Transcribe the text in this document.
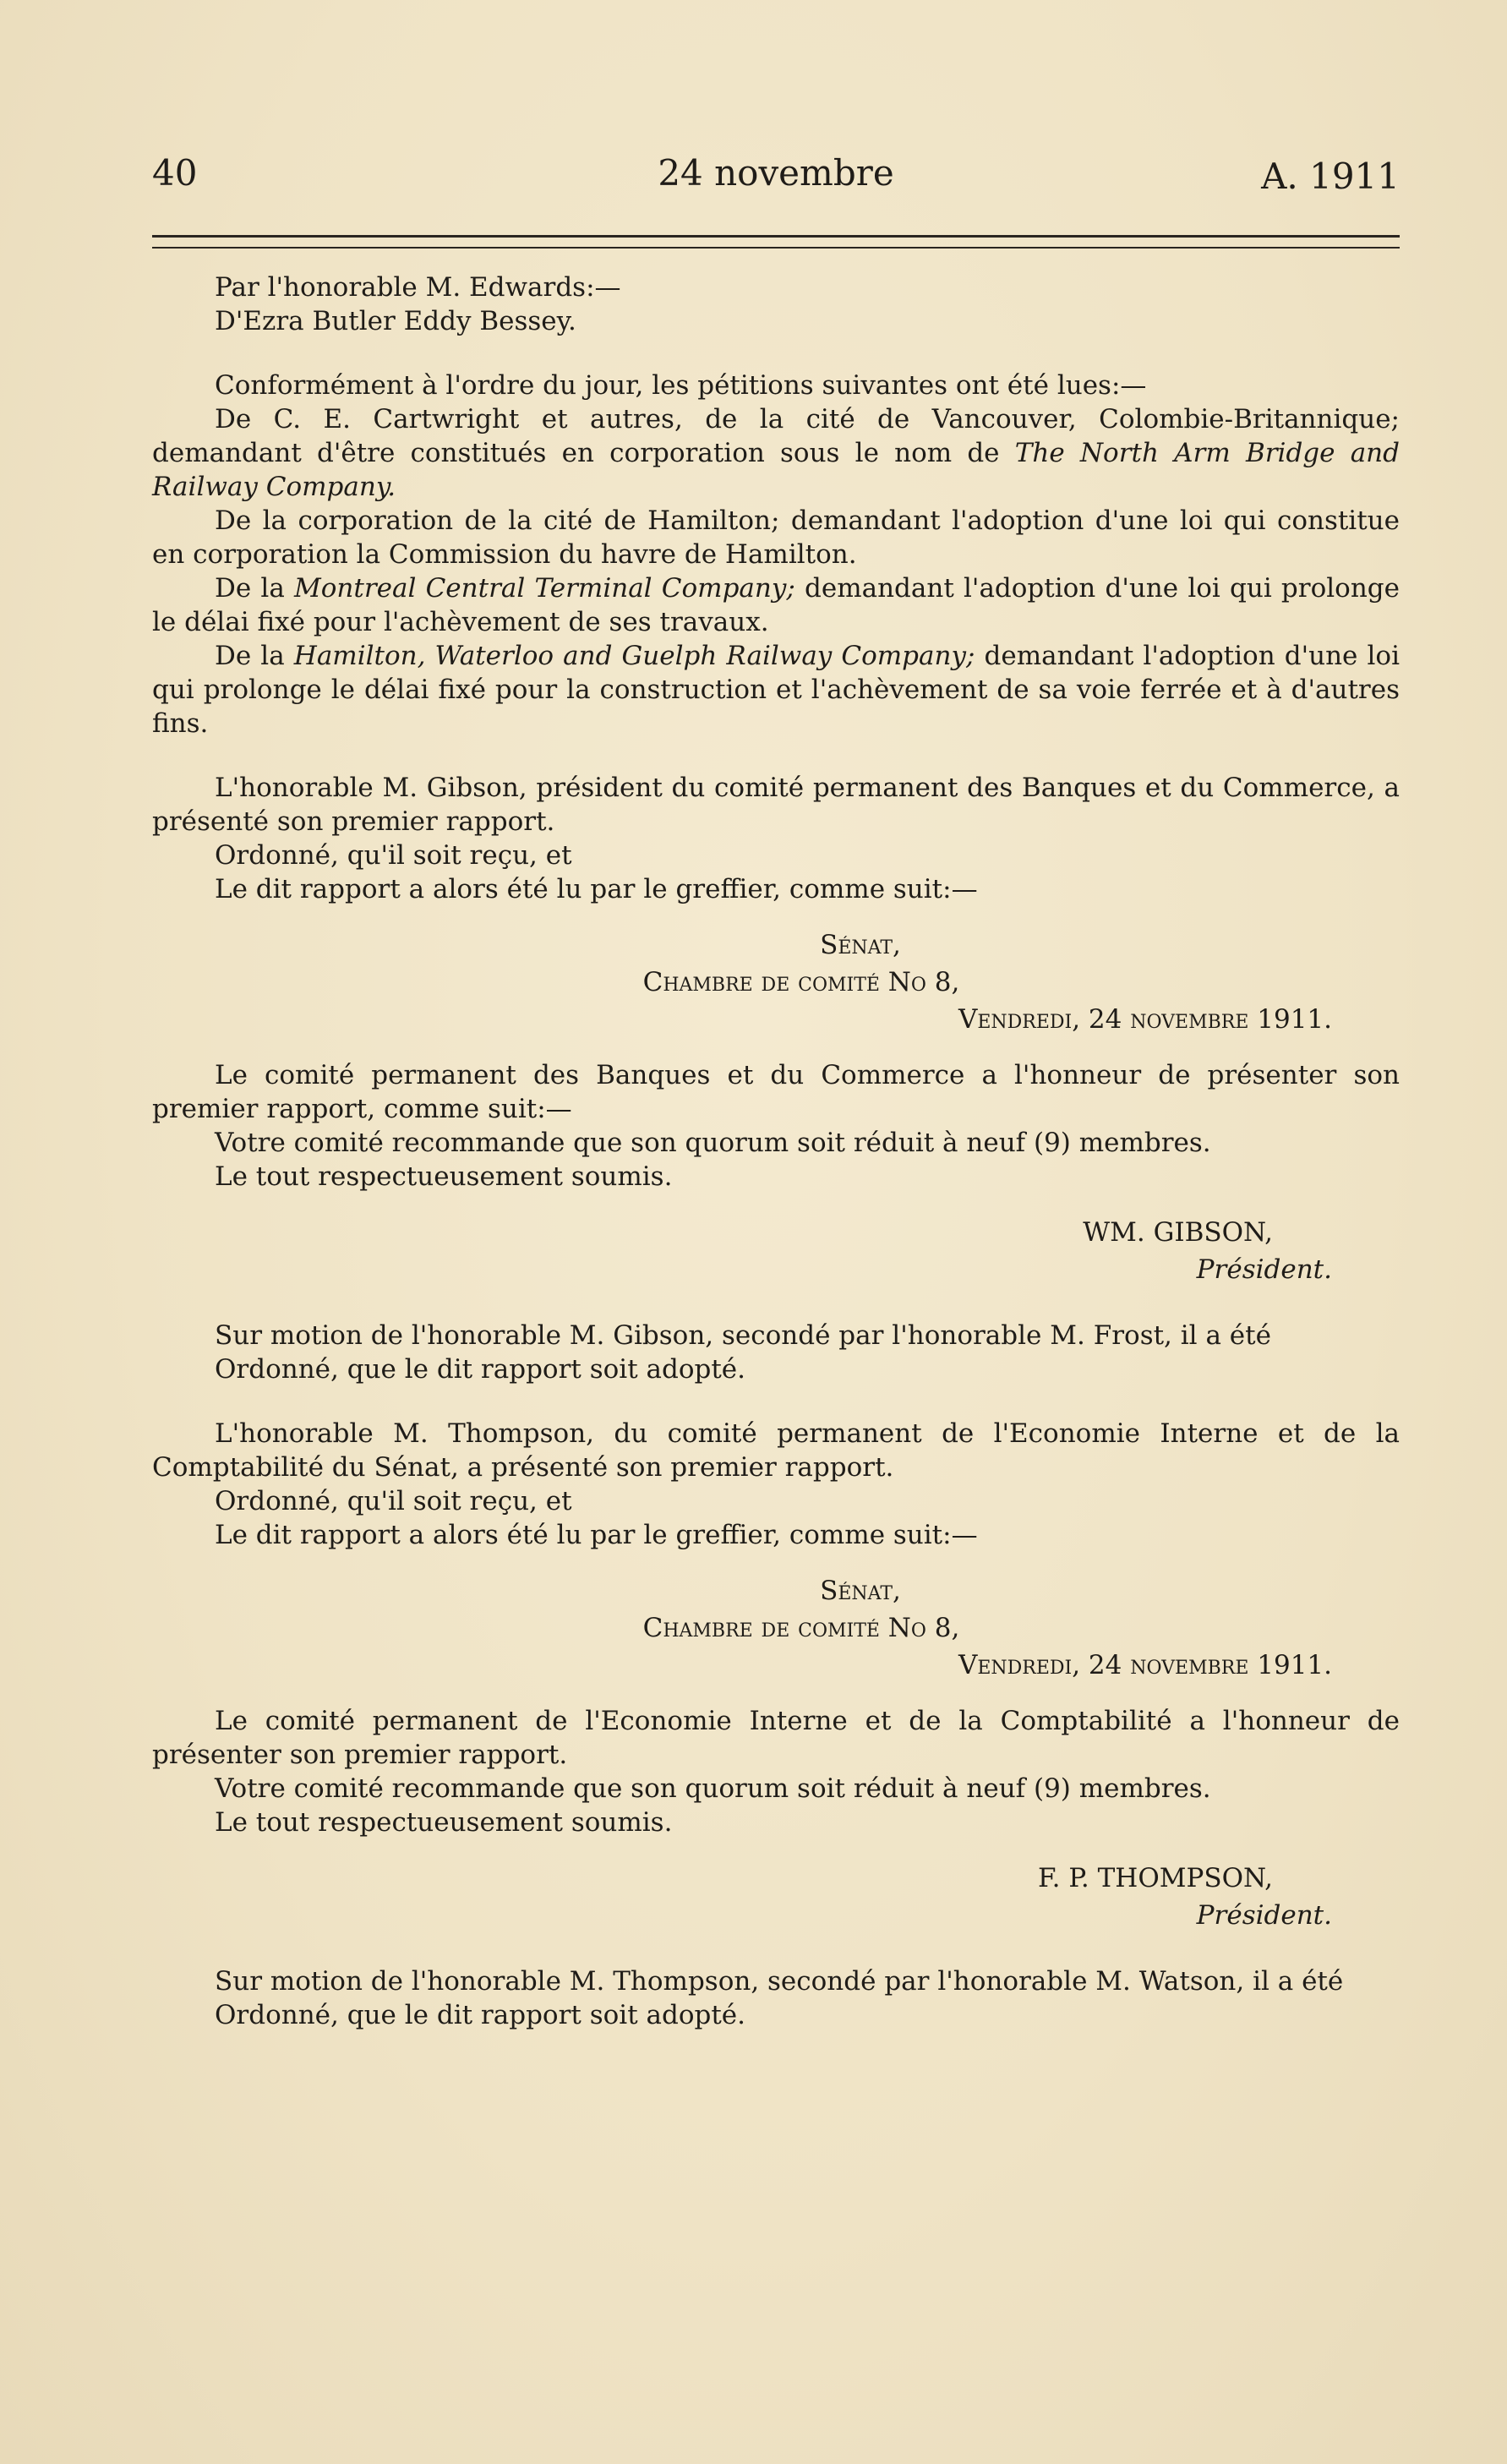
40	24 novembre	A. 1911

Par l'honorable M. Edwards:—

D'Ezra Butler Eddy Bessey.

Conformément à l'ordre du jour, les pétitions suivantes ont été lues:—

De C. E. Cartwright et autres, de la cité de Vancouver, Colombie-Britannique; demandant d'être constitués en corporation sous le nom de The North Arm Bridge and Railway Company.

De la corporation de la cité de Hamilton; demandant l'adoption d'une loi qui constitue en corporation la Commission du havre de Hamilton.

De la Montreal Central Terminal Company; demandant l'adoption d'une loi qui prolonge le délai fixé pour l'achèvement de ses travaux.

De la Hamilton, Waterloo and Guelph Railway Company; demandant l'adoption d'une loi qui prolonge le délai fixé pour la construction et l'achèvement de sa voie ferrée et à d'autres fins.

L'honorable M. Gibson, président du comité permanent des Banques et du Commerce, a présenté son premier rapport.

Ordonné, qu'il soit reçu, et

Le dit rapport a alors été lu par le greffier, comme suit:—

Sénat,
Chambre de comité No 8,
Vendredi, 24 novembre 1911.

Le comité permanent des Banques et du Commerce a l'honneur de présenter son premier rapport, comme suit:—

Votre comité recommande que son quorum soit réduit à neuf (9) membres.

Le tout respectueusement soumis.

WM. GIBSON,
Président.

Sur motion de l'honorable M. Gibson, secondé par l'honorable M. Frost, il a été

Ordonné, que le dit rapport soit adopté.

L'honorable M. Thompson, du comité permanent de l'Economie Interne et de la Comptabilité du Sénat, a présenté son premier rapport.

Ordonné, qu'il soit reçu, et

Le dit rapport a alors été lu par le greffier, comme suit:—

Sénat,
Chambre de comité No 8,
Vendredi, 24 novembre 1911.

Le comité permanent de l'Economie Interne et de la Comptabilité a l'honneur de présenter son premier rapport.

Votre comité recommande que son quorum soit réduit à neuf (9) membres.

Le tout respectueusement soumis.

F. P. THOMPSON,
Président.

Sur motion de l'honorable M. Thompson, secondé par l'honorable M. Watson, il a été

Ordonné, que le dit rapport soit adopté.
